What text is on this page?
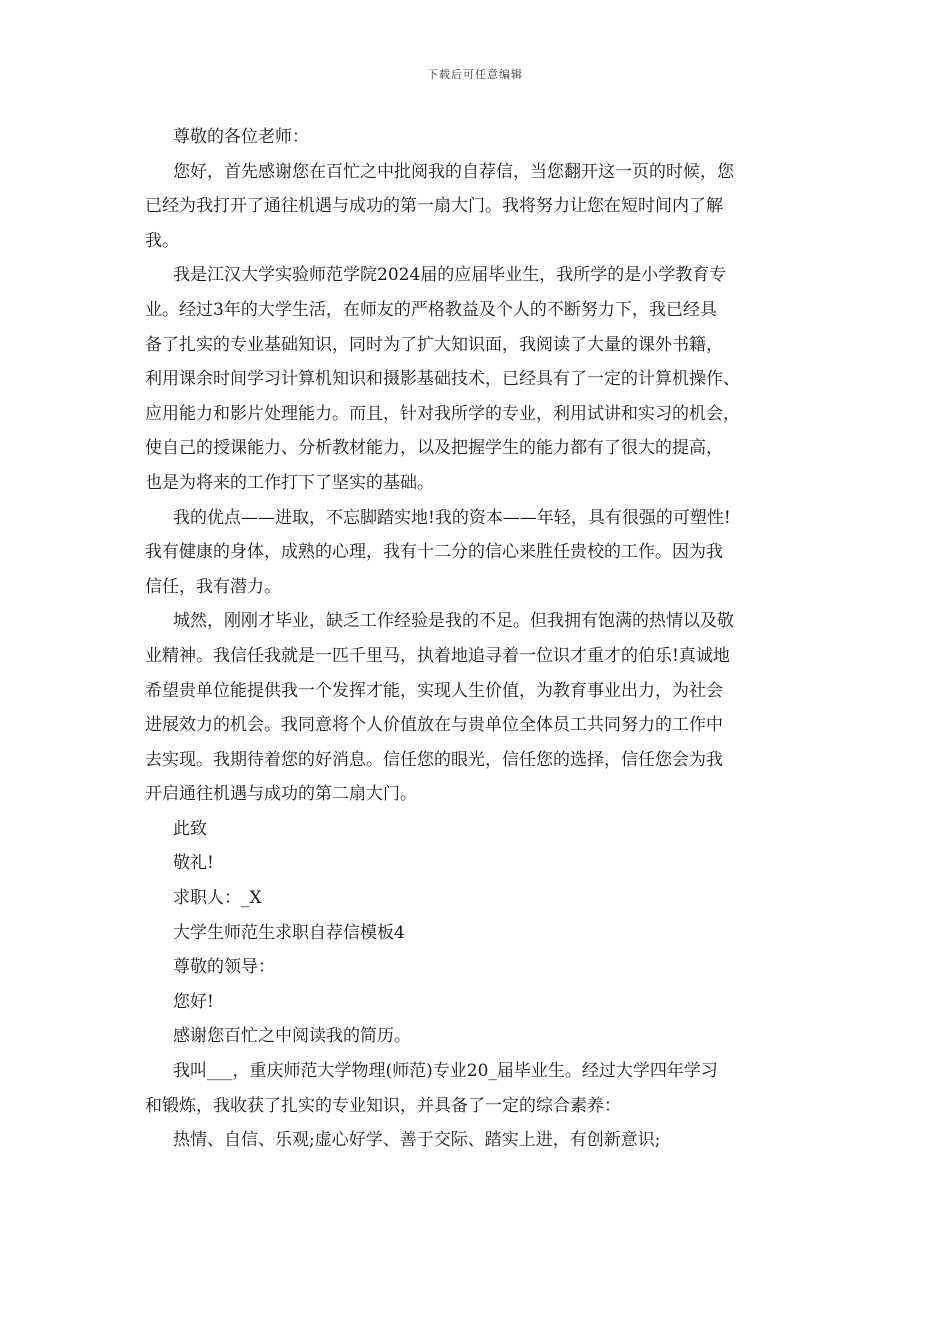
下载后可任意编辑
尊敬的各位老师：
您好，首先感谢您在百忙之中批阅我的自荐信，当您翻开这一页的时候，您
已经为我打开了通往机遇与成功的第一扇大门。我将努力让您在短时间内了解
我。
我是江汉大学实验师范学院2024届的应届毕业生，我所学的是小学教育专
业。经过3年的大学生活，在师友的严格教益及个人的不断努力下，我已经具
备了扎实的专业基础知识，同时为了扩大知识面，我阅读了大量的课外书籍，
利用课余时间学习计算机知识和摄影基础技术，已经具有了一定的计算机操作、
应用能力和影片处理能力。而且，针对我所学的专业，利用试讲和实习的机会，
使自己的授课能力、分析教材能力，以及把握学生的能力都有了很大的提高，
也是为将来的工作打下了坚实的基础。
我的优点——进取，不忘脚踏实地!我的资本——年轻，具有很强的可塑性!
我有健康的身体，成熟的心理，我有十二分的信心来胜任贵校的工作。因为我
信任，我有潜力。
城然，刚刚才毕业，缺乏工作经验是我的不足。但我拥有饱满的热情以及敬
业精神。我信任我就是一匹千里马，执着地追寻着一位识才重才的伯乐!真诚地
希望贵单位能提供我一个发挥才能，实现人生价值，为教育事业出力，为社会
进展效力的机会。我同意将个人价值放在与贵单位全体员工共同努力的工作中
去实现。我期待着您的好消息。信任您的眼光，信任您的选择，信任您会为我
开启通往机遇与成功的第二扇大门。
此致
敬礼!
求职人：_X
大学生师范生求职自荐信模板4
尊敬的领导：
您好!
感谢您百忙之中阅读我的简历。
我叫___，重庆师范大学物理(师范)专业20_届毕业生。经过大学四年学习
和锻炼，我收获了扎实的专业知识，并具备了一定的综合素养：
热情、自信、乐观;虚心好学、善于交际、踏实上进，有创新意识;
